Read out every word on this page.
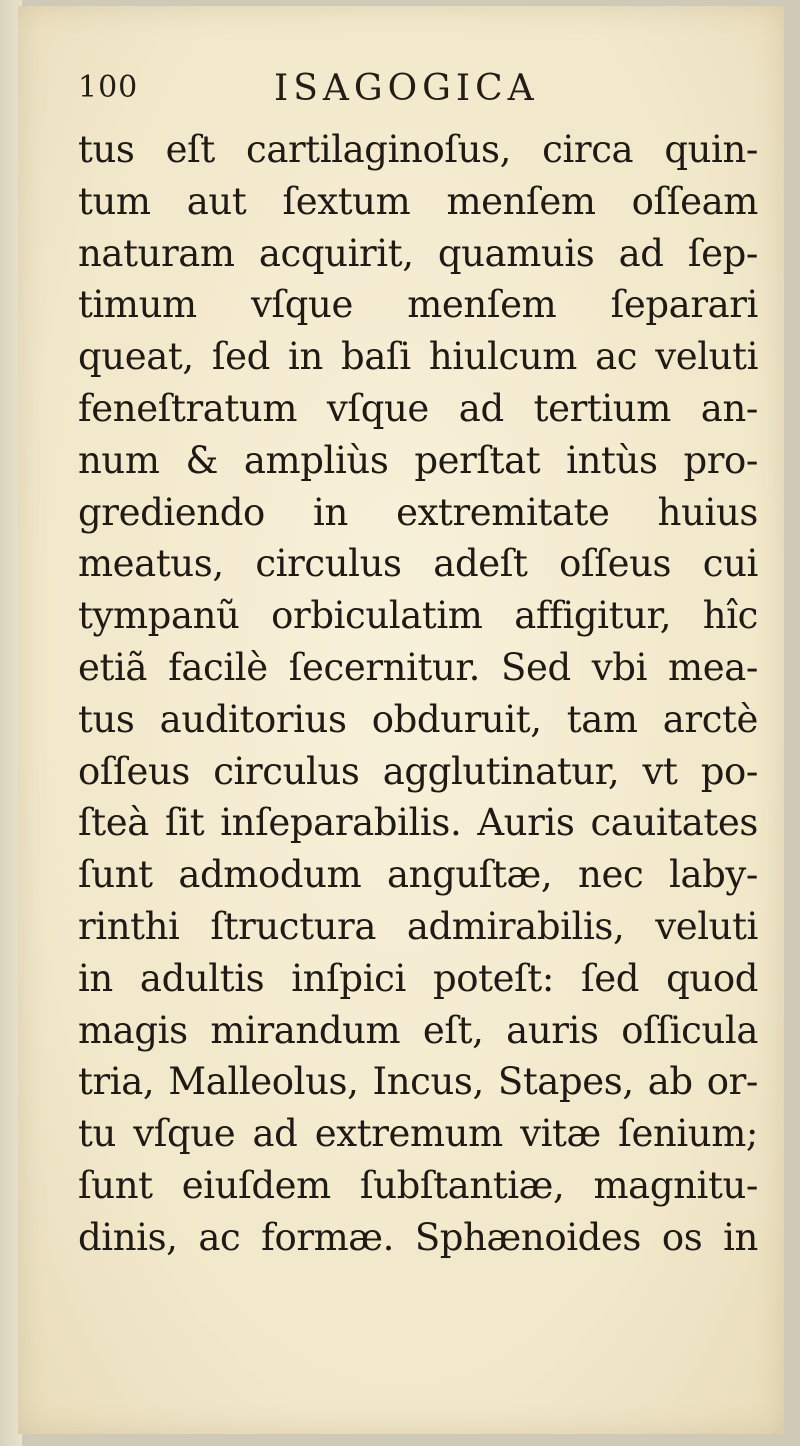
100	ISAGOGICA
tus eſt cartilaginoſus, circa quin-
tum aut ſextum menſem oſſeam
naturam acquirit, quamuis ad ſep-
timum vſque menſem ſeparari
queat, ſed in baſi hiulcum ac veluti
feneſtratum vſque ad tertium an-
num & ampliùs perſtat intùs pro-
grediendo in extremitate huius
meatus, circulus adeſt oſſeus cui
tympanũ orbiculatim affigitur, hîc
etiã facilè ſecernitur. Sed vbi mea-
tus auditorius obduruit, tam arctè
oſſeus circulus agglutinatur, vt po-
ſteà ſit inſeparabilis. Auris cauitates
ſunt admodum anguſtæ, nec laby-
rinthi ſtructura admirabilis, veluti
in adultis inſpici poteſt: ſed quod
magis mirandum eſt, auris oſſicula
tria, Malleolus, Incus, Stapes, ab or-
tu vſque ad extremum vitæ ſenium;
ſunt eiuſdem ſubſtantiæ, magnitu-
dinis, ac formæ. Sphænoides os in
